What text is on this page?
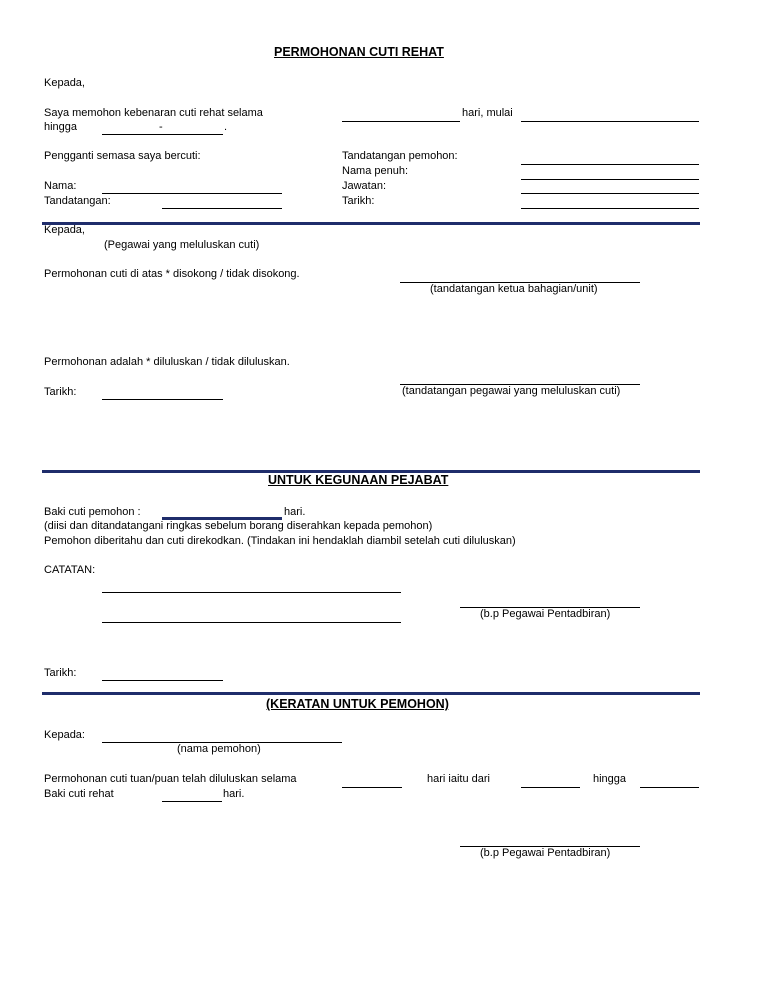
PERMOHONAN CUTI REHAT
Kepada,
Saya memohon kebenaran cuti rehat selama	hari, mulai
hingga	-	.
Pengganti semasa saya bercuti:	Tandatangan pemohon:
Nama penuh:
Nama:	Jawatan:
Tandatangan:	Tarikh:
Kepada,
(Pegawai yang meluluskan cuti)
Permohonan cuti di atas * disokong / tidak disokong.
(tandatangan ketua bahagian/unit)
Permohonan adalah * diluluskan / tidak diluluskan.
Tarikh:	(tandatangan pegawai yang meluluskan cuti)
UNTUK KEGUNAAN PEJABAT
Baki cuti pemohon :	hari.
(diisi dan ditandatangani ringkas sebelum borang diserahkan kepada pemohon)
Pemohon diberitahu dan cuti direkodkan. (Tindakan ini hendaklah diambil setelah cuti diluluskan)
CATATAN:
(b.p Pegawai Pentadbiran)
Tarikh:
(KERATAN UNTUK PEMOHON)
Kepada:
(nama pemohon)
Permohonan cuti tuan/puan telah diluluskan selama	hari iaitu dari	hingga
Baki cuti rehat	hari.
(b.p Pegawai Pentadbiran)
